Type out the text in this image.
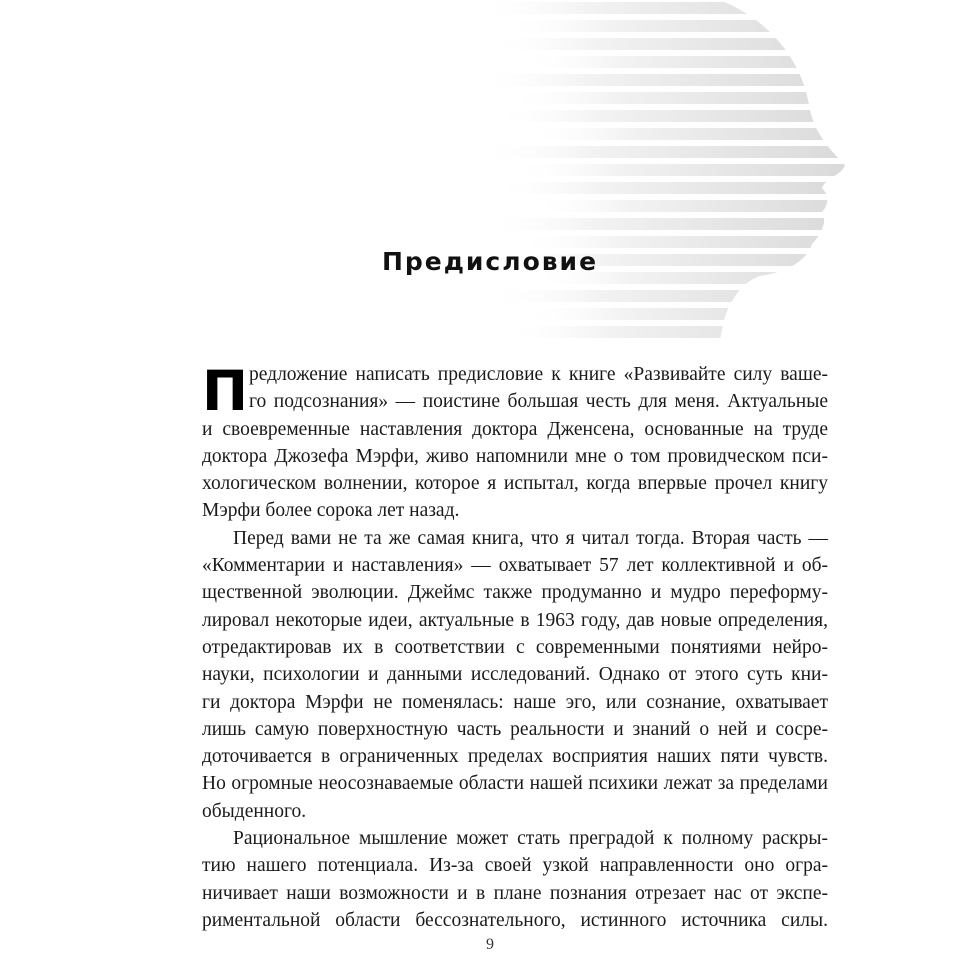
Предисловие
П редложение написать предисловие к книге «Развивайте силу ваше-
го подсознания» — поистине большая честь для меня. Актуальные
и своевременные наставления доктора Дженсена, основанные на труде
доктора Джозефа Мэрфи, живо напомнили мне о том провидческом пси-
хологическом волнении, которое я испытал, когда впервые прочел книгу
Мэрфи более сорока лет назад.
Перед вами не та же самая книга, что я читал тогда. Вторая часть —
«Комментарии и наставления» — охватывает 57 лет коллективной и об-
щественной эволюции. Джеймс также продуманно и мудро переформу-
лировал некоторые идеи, актуальные в 1963 году, дав новые определения,
отредактировав их в соответствии с современными понятиями нейро-
науки, психологии и данными исследований. Однако от этого суть кни-
ги доктора Мэрфи не поменялась: наше эго, или сознание, охватывает
лишь самую поверхностную часть реальности и знаний о ней и сосре-
доточивается в ограниченных пределах восприятия наших пяти чувств.
Но огромные неосознаваемые области нашей психики лежат за пределами
обыденного.
Рациональное мышление может стать преградой к полному раскры-
тию нашего потенциала. Из-за своей узкой направленности оно огра-
ничивает наши возможности и в плане познания отрезает нас от экспе-
риментальной области бессознательного, истинного источника силы.
9
